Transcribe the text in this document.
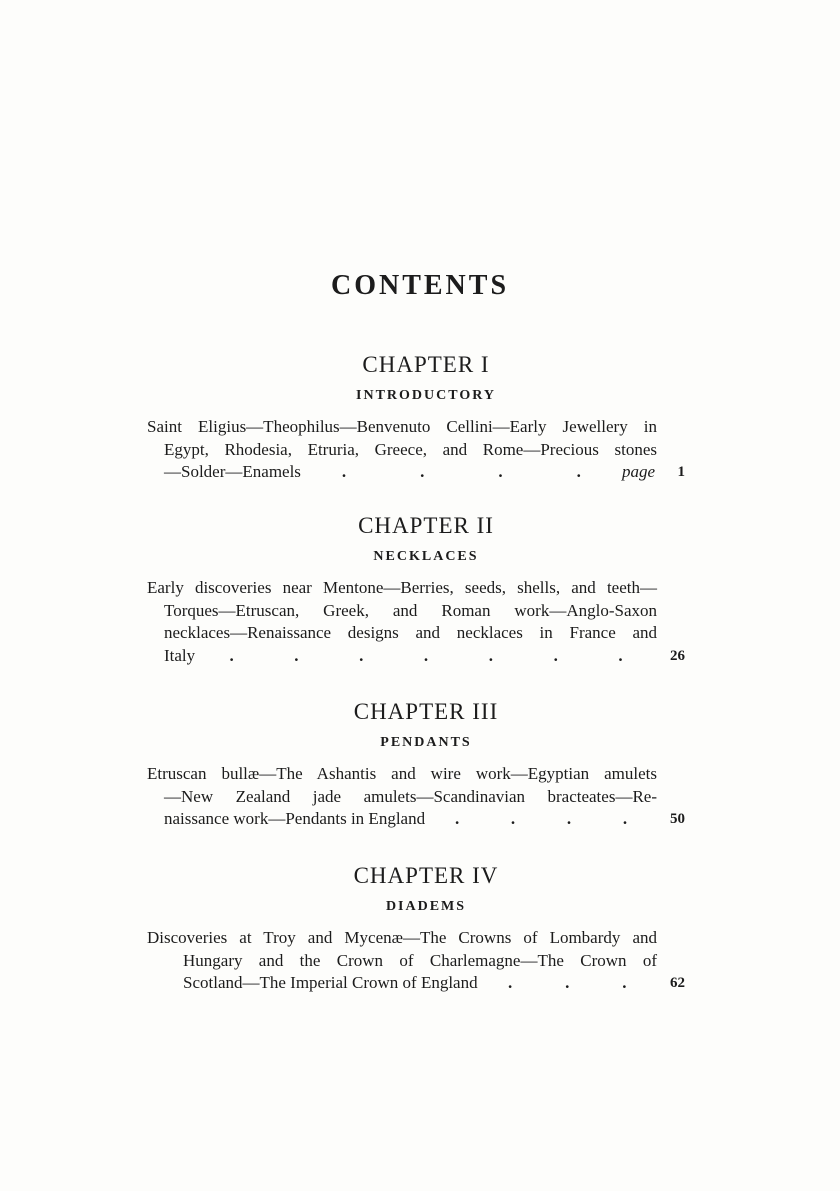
CONTENTS
CHAPTER I
INTRODUCTORY
Saint Eligius—Theophilus—Benvenuto Cellini—Early Jewellery in
Egypt, Rhodesia, Etruria, Greece, and Rome—Precious stones
—Solder—Enamels .	.	.	. page	1
CHAPTER II
NECKLACES
Early discoveries near Mentone—Berries, seeds, shells, and teeth—
Torques—Etruscan, Greek, and Roman work—Anglo-Saxon
necklaces—Renaissance designs and necklaces in France and
Italy .	.	.	.	.	.	.	26
CHAPTER III
PENDANTS
Etruscan bullæ—The Ashantis and wire work—Egyptian amulets
—New Zealand jade amulets—Scandinavian bracteates—Re-
naissance work—Pendants in England .	.	.	.	50
CHAPTER IV
DIADEMS
Discoveries at Troy and Mycenæ—The Crowns of Lombardy and
Hungary and the Crown of Charlemagne—The Crown of
Scotland—The Imperial Crown of England .	.	.	62
